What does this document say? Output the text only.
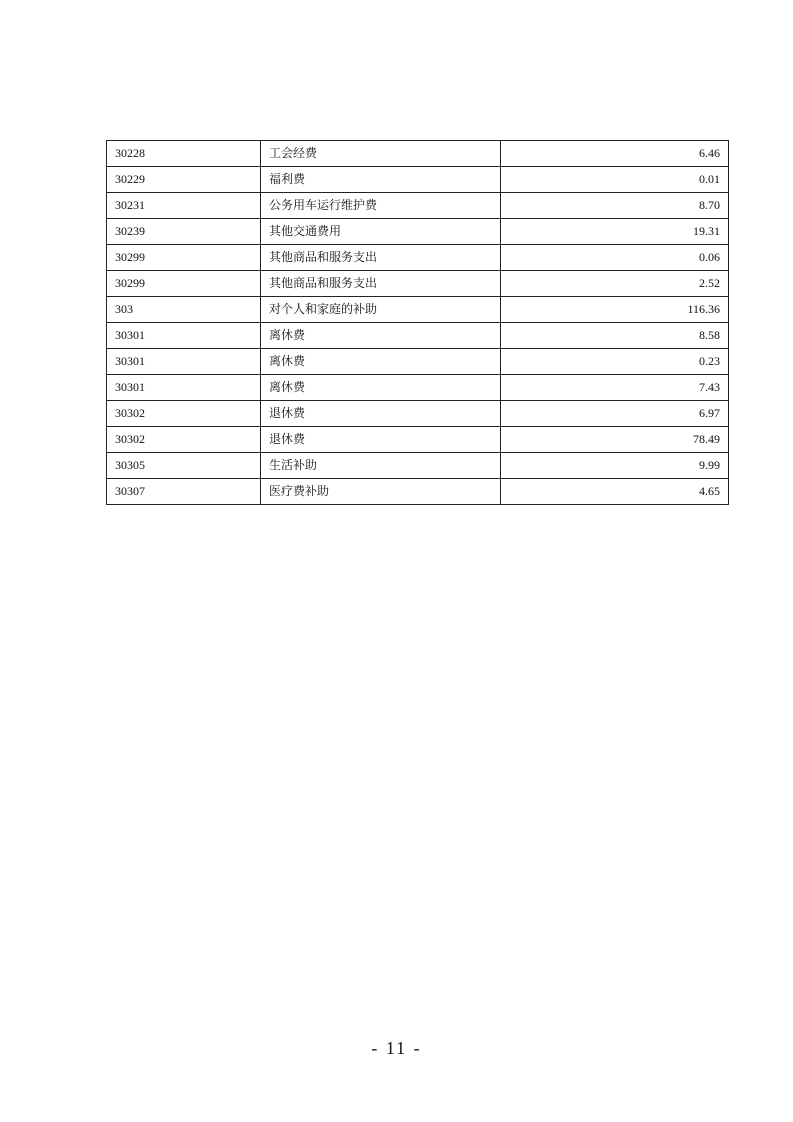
30228	工会经费	6.46
30229	福利费	0.01
30231	公务用车运行维护费	8.70
30239	其他交通费用	19.31
30299	其他商品和服务支出	0.06
30299	其他商品和服务支出	2.52
303	对个人和家庭的补助	116.36
30301	离休费	8.58
30301	离休费	0.23
30301	离休费	7.43
30302	退休费	6.97
30302	退休费	78.49
30305	生活补助	9.99
30307	医疗费补助	4.65
- 11 -
